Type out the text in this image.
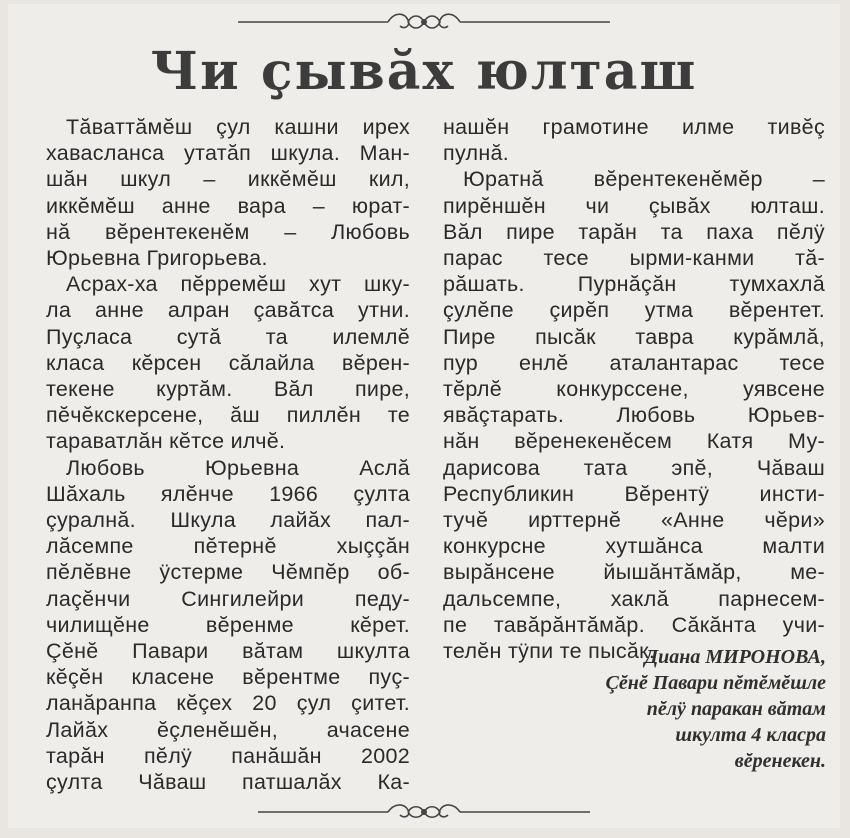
Чи çывăх юлташ
Тăваттăмĕш çул кашни ирех
хавасланса утатăп шкула. Ман-
шăн шкул – иккĕмĕш кил,
иккĕмĕш анне вара – юрат-
нă вĕрентекенĕм – Любовь
Юрьевна Григорьева.
Асрах-ха пĕрремĕш хут шку-
ла анне алран çавăтса утни.
Пуçласа сутă та илемлĕ
класа кĕрсен сăлайла вĕрен-
текене куртăм. Вăл пире,
пĕчĕкскерсене, ăш пиллĕн те
тараватлăн кĕтсе илчĕ.
Любовь Юрьевна Аслă
Шăхаль ялĕнче 1966 çулта
çуралнă. Шкула лайăх пал-
лăсемпе пĕтернĕ хыççăн
пĕлĕвне ÿстерме Чĕмпĕр об-
лаçĕнчи Сингилейри педу-
чилищĕне вĕренме кĕрет.
Çĕнĕ Павари вăтам шкулта
кĕçĕн класене вĕрентме пуç-
ланăранпа кĕçех 20 çул çитет.
Лайăх ĕçленĕшĕн, ачасене
тарăн пĕлÿ панăшăн 2002
çулта Чăваш патшалăх Ка-
нашĕн грамотине илме тивĕç
пулнă.
Юратнă вĕрентекенĕмĕр –
пирĕншĕн чи çывăх юлташ.
Вăл пире тарăн та паха пĕлÿ
парас тесе ырми-канми тă-
рăшать. Пурнăçăн тумхахлă
çулĕпе çирĕп утма вĕрентет.
Пире пысăк тавра курăмлă,
пур енлĕ аталантарас тесе
тĕрлĕ конкурссене, уявсене
явăçтарать. Любовь Юрьев-
нăн вĕренекенĕсем Катя Му-
дарисова тата эпĕ, Чăваш
Республикин Вĕрентÿ инсти-
тучĕ ирттернĕ «Анне чĕри»
конкурсне хутшăнса малти
вырăнсене йышăнтăмăр, ме-
дальсемпе, хаклă парнесем-
пе тавăрăнтăмăр. Сăкăнта учи-
телĕн тÿпи те пысăк.
Диана МИРОНОВА,
Çĕнĕ Павари пĕтĕмĕшле
пĕлÿ паракан вăтам
шкулта 4 класра
вĕренекен.
